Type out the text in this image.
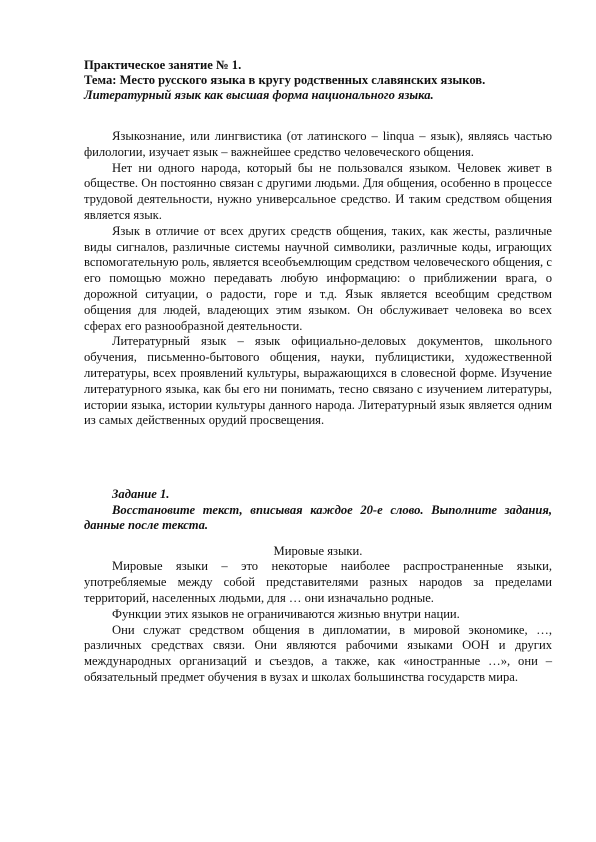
Практическое занятие № 1.
Тема: Место русского языка в кругу родственных славянских языков.
Литературный язык как высшая форма национального языка.

Языкознание, или лингвистика (от латинского – linqua – язык), являясь частью филологии, изучает язык – важнейшее средство человеческого общения.

Нет ни одного народа, который бы не пользовался языком. Человек живет в обществе. Он постоянно связан с другими людьми. Для общения, особенно в процессе трудовой деятельности, нужно универсальное средство. И таким средством общения является язык.

Язык в отличие от всех других средств общения, таких, как жесты, различные виды сигналов, различные системы научной символики, различные коды, играющих вспомогательную роль, является всеобъемлющим средством человеческого общения, с его помощью можно передавать любую информацию: о приближении врага, о дорожной ситуации, о радости, горе и т.д. Язык является всеобщим средством общения для людей, владеющих этим языком. Он обслуживает человека во всех сферах его разнообразной деятельности.

Литературный язык – язык официально-деловых документов, школьного обучения, письменно-бытового общения, науки, публицистики, художественной литературы, всех проявлений культуры, выражающихся в словесной форме. Изучение литературного языка, как бы его ни понимать, тесно связано с изучением литературы, истории языка, истории культуры данного народа. Литературный язык является одним из самых действенных орудий просвещения.

Задание 1.

Восстановите текст, вписывая каждое 20-е слово. Выполните задания, данные после текста.

Мировые языки.

Мировые языки – это некоторые наиболее распространенные языки, употребляемые между собой представителями разных народов за пределами территорий, населенных людьми, для … они изначально родные.

Функции этих языков не ограничиваются жизнью внутри нации.

Они служат средством общения в дипломатии, в мировой экономике, …, различных средствах связи. Они являются рабочими языками ООН и других международных организаций и съездов, а также, как «иностранные …», они – обязательный предмет обучения в вузах и школах большинства государств мира.
